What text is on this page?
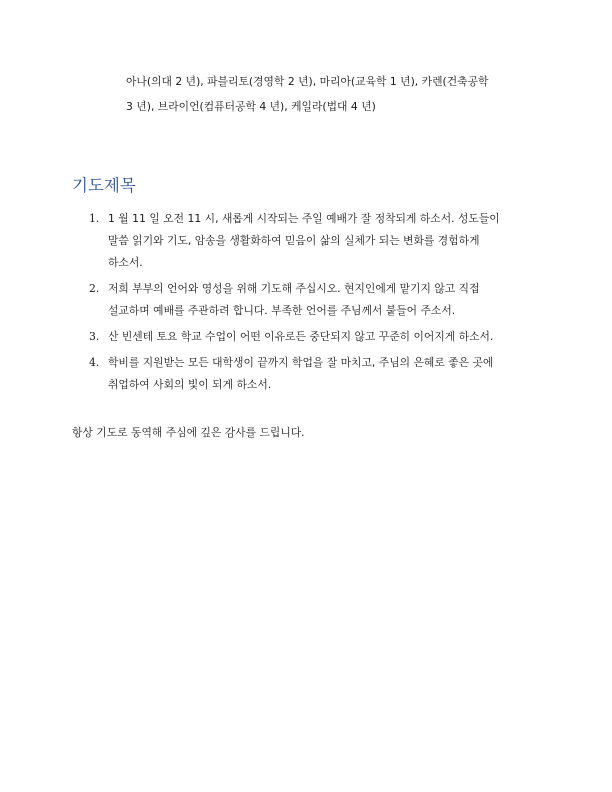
아나(의대 2 년), 파블리토(경영학 2 년), 마리아(교육학 1 년), 카렌(건축공학
3 년), 브라이언(컴퓨터공학 4 년), 케일라(법대 4 년)
기도제목
1. 1 월 11 일 오전 11 시, 새롭게 시작되는 주일 예배가 잘 정착되게 하소서. 성도들이
말씀 읽기와 기도, 암송을 생활화하여 믿음이 삶의 실체가 되는 변화를 경험하게
하소서.
2. 저희 부부의 언어와 영성을 위해 기도해 주십시오. 현지인에게 맡기지 않고 직접
설교하며 예배를 주관하려 합니다. 부족한 언어를 주님께서 붙들어 주소서.
3. 산 빈센테 토요 학교 수업이 어떤 이유로든 중단되지 않고 꾸준히 이어지게 하소서.
4. 학비를 지원받는 모든 대학생이 끝까지 학업을 잘 마치고, 주님의 은혜로 좋은 곳에
취업하여 사회의 빛이 되게 하소서.
항상 기도로 동역해 주심에 깊은 감사를 드립니다.
